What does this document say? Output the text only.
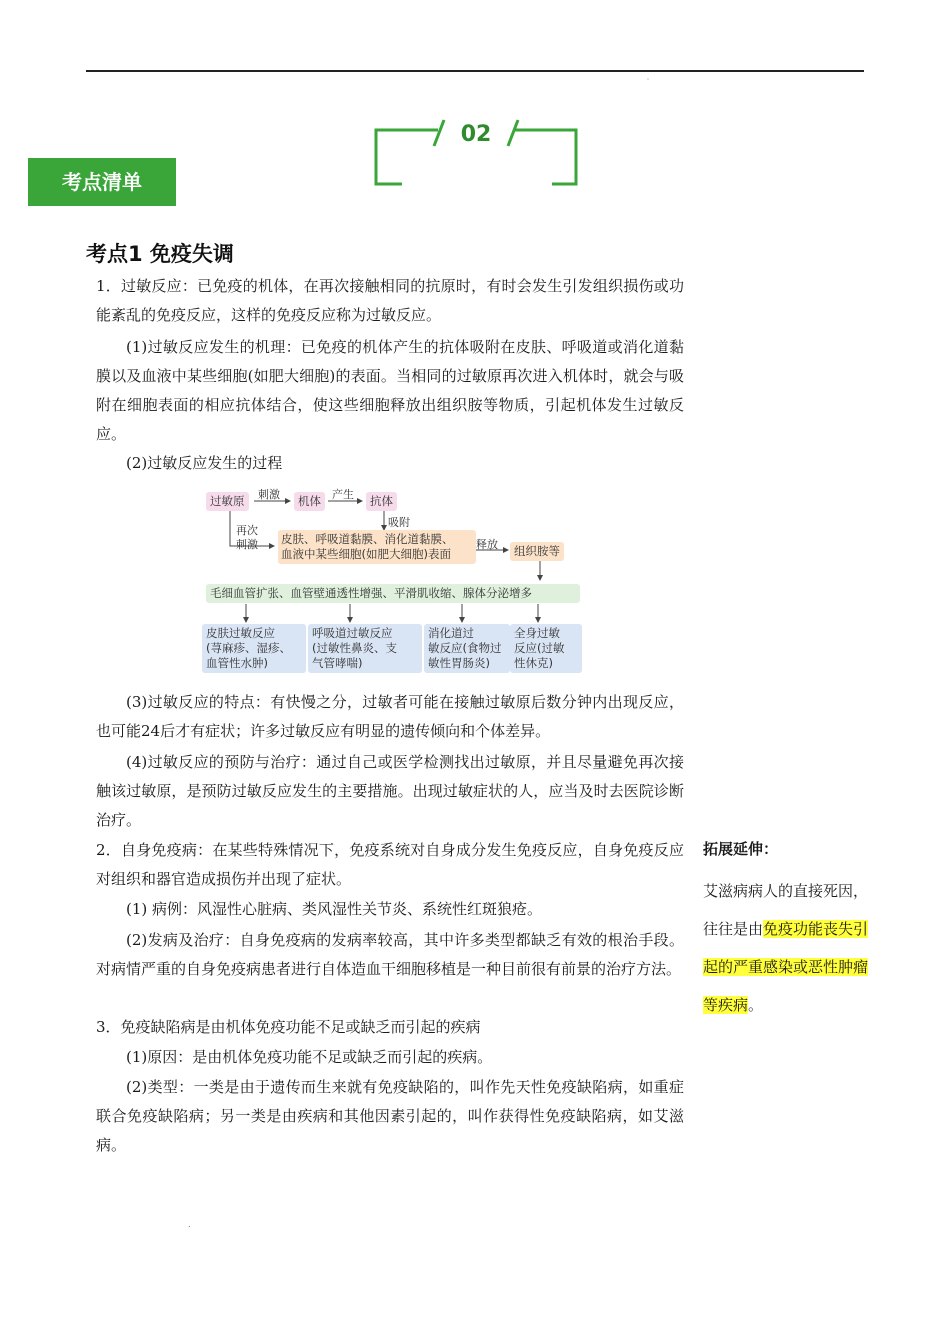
˙
02
考点清单
考点1 免疫失调

1．过敏反应：已免疫的机体，在再次接触相同的抗原时，有时会发生引发组织损伤或功能紊乱的免疫反应，这样的免疫反应称为过敏反应。

(1)过敏反应发生的机理：已免疫的机体产生的抗体吸附在皮肤、呼吸道或消化道黏膜以及血液中某些细胞(如肥大细胞)的表面。当相同的过敏原再次进入机体时，就会与吸附在细胞表面的相应抗体结合，使这些细胞释放出组织胺等物质，引起机体发生过敏反应。

(2)过敏反应发生的过程

过敏原	刺激	机体	产生	抗体
吸附
再次
刺激 皮肤、呼吸道黏膜、消化道黏膜、
血液中某些细胞(如肥大细胞)表面
释放	组织胺等
毛细血管扩张、血管壁通透性增强、平滑肌收缩、腺体分泌增多
皮肤过敏反应
(荨麻疹、湿疹、
血管性水肿)
呼吸道过敏反应
(过敏性鼻炎、支
气管哮喘)
消化道过
敏反应(食物过
敏性胃肠炎)
全身过敏
反应(过敏
性休克)

(3)过敏反应的特点：有快慢之分，过敏者可能在接触过敏原后数分钟内出现反应，也可能24后才有症状；许多过敏反应有明显的遗传倾向和个体差异。

(4)过敏反应的预防与治疗：通过自己或医学检测找出过敏原，并且尽量避免再次接触该过敏原，是预防过敏反应发生的主要措施。出现过敏症状的人，应当及时去医院诊断治疗。

2．自身免疫病：在某些特殊情况下，免疫系统对自身成分发生免疫反应，自身免疫反应对组织和器官造成损伤并出现了症状。

(1) 病例：风湿性心脏病、类风湿性关节炎、系统性红斑狼疮。

(2)发病及治疗：自身免疫病的发病率较高，其中许多类型都缺乏有效的根治手段。对病情严重的自身免疫病患者进行自体造血干细胞移植是一种目前很有前景的治疗方法。

3．免疫缺陷病是由机体免疫功能不足或缺乏而引起的疾病

(1)原因：是由机体免疫功能不足或缺乏而引起的疾病。

(2)类型：一类是由于遗传而生来就有免疫缺陷的，叫作先天性免疫缺陷病，如重症联合免疫缺陷病；另一类是由疾病和其他因素引起的，叫作获得性免疫缺陷病，如艾滋病。

拓展延伸：

艾滋病病人的直接死因，往往是由免疫功能丧失引起的严重感染或恶性肿瘤等疾病。

.
